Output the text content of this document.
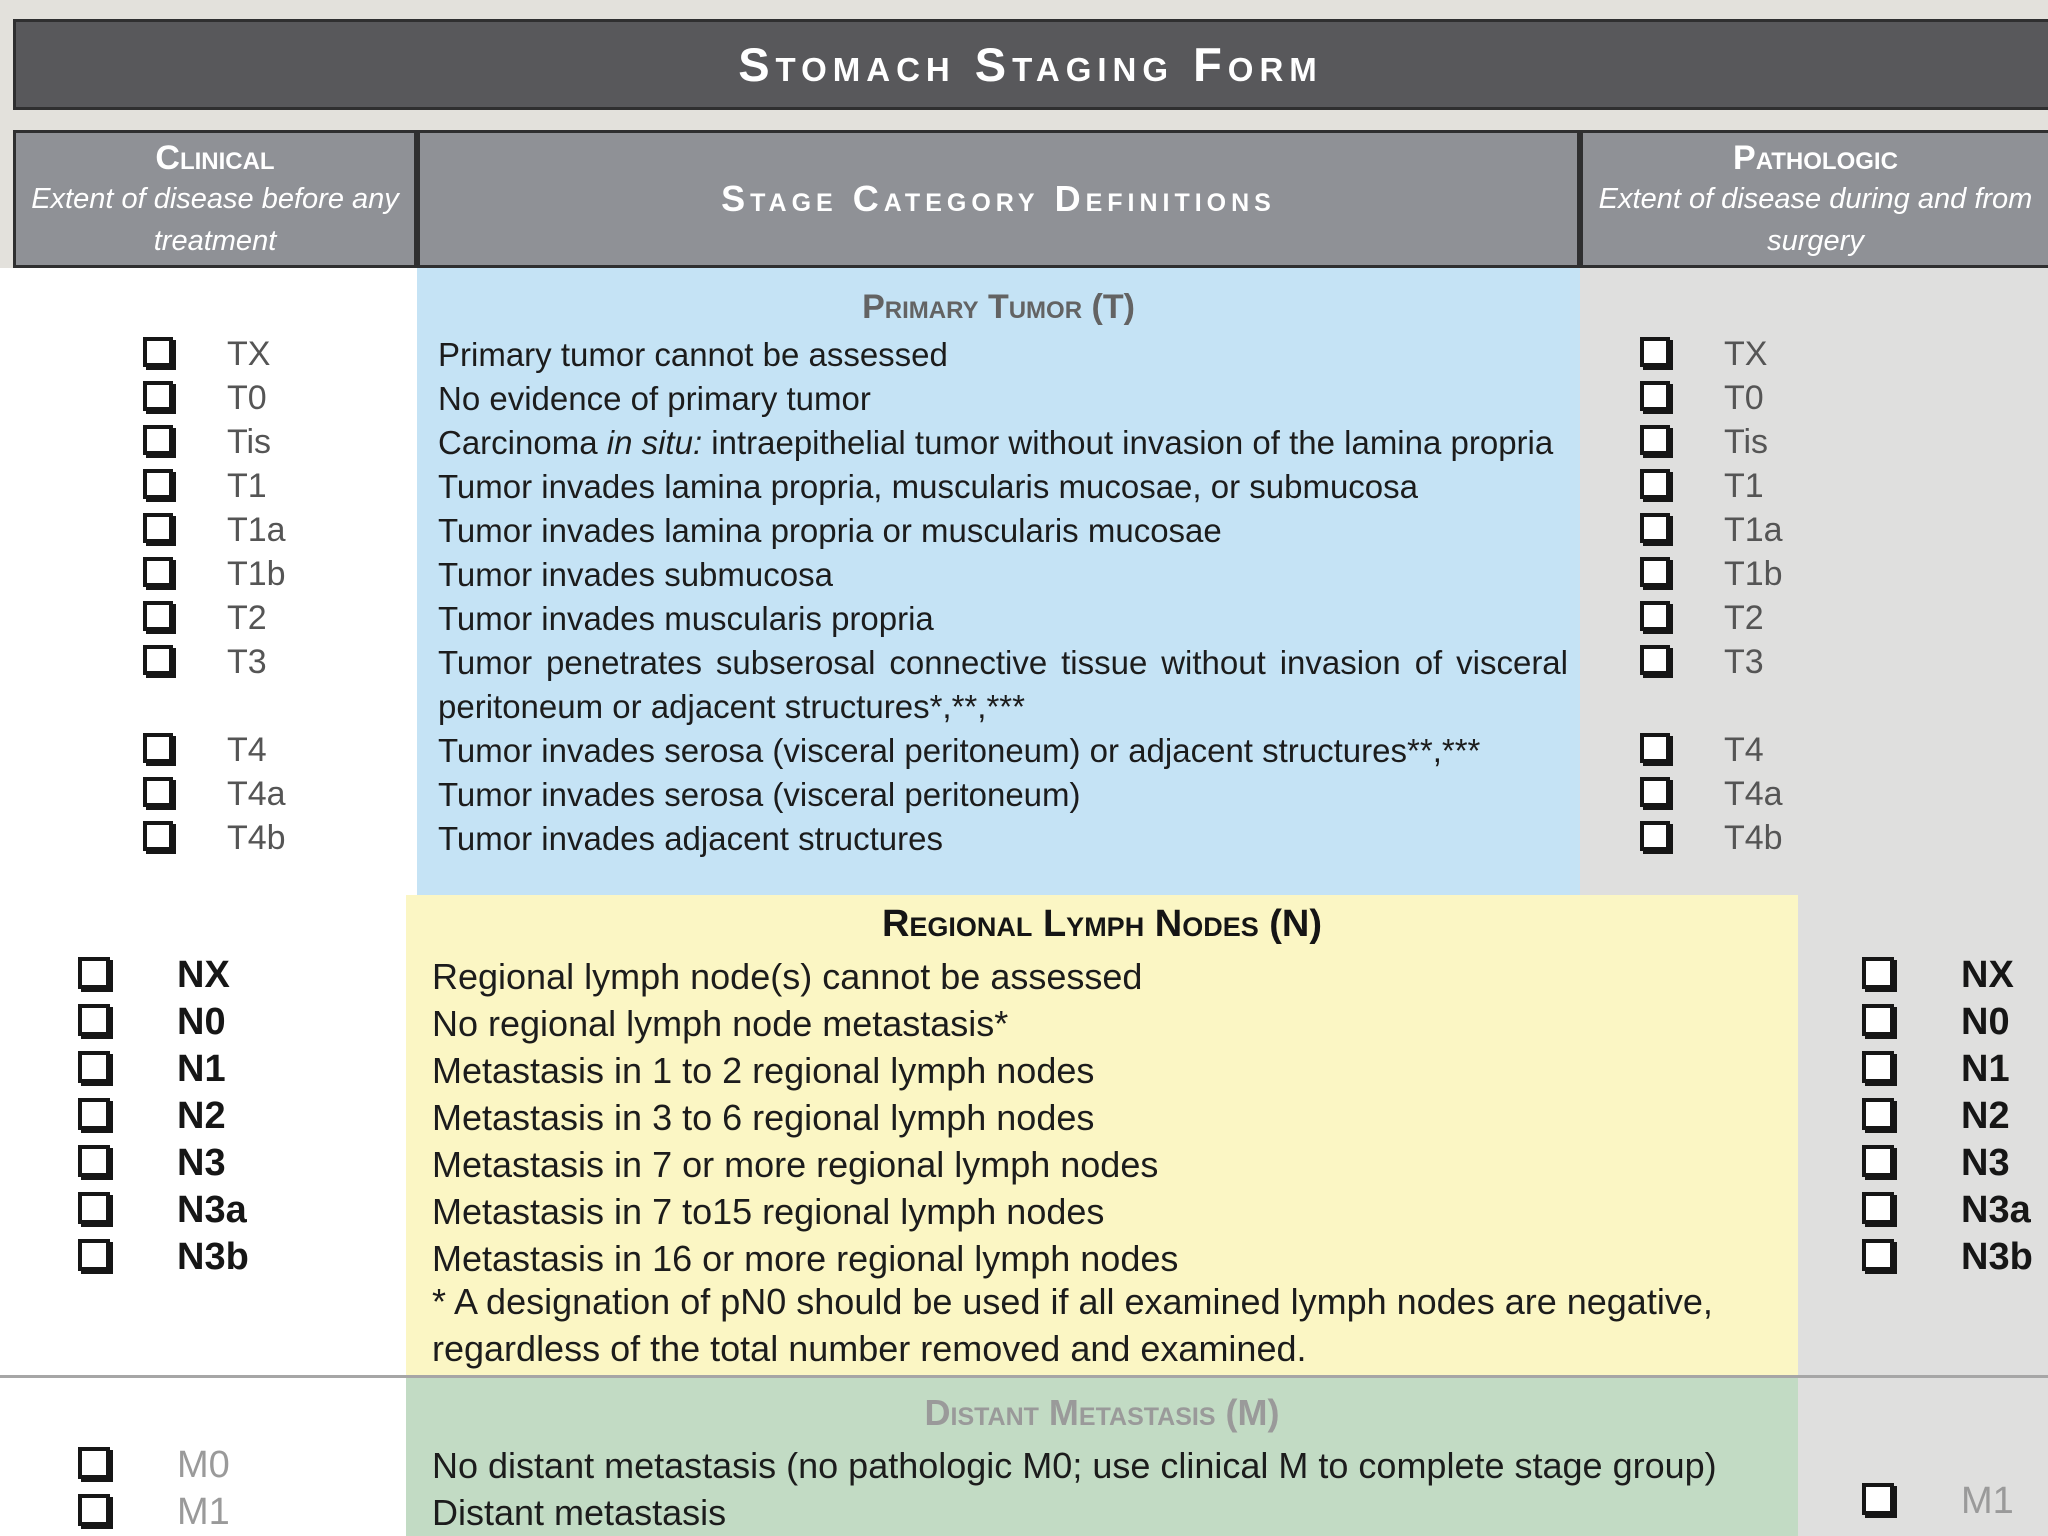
Stomach Staging Form
Clinical
Extent of disease before any treatment
Stage Category Definitions
Pathologic
Extent of disease during and from surgery
Primary Tumor (T)
Regional Lymph Nodes (N)
Distant Metastasis (M)
Primary tumor cannot be assessed
No evidence of primary tumor
Carcinoma in situ: intraepithelial tumor without invasion of the lamina propria
Tumor invades lamina propria, muscularis mucosae, or submucosa
Tumor invades lamina propria or muscularis mucosae
Tumor invades submucosa
Tumor invades muscularis propria
Tumor penetrates subserosal connective tissue without invasion of visceral peritoneum or adjacent structures*,**,***
Tumor invades serosa (visceral peritoneum) or adjacent structures**,***
Tumor invades serosa (visceral peritoneum)
Tumor invades adjacent structures
Regional lymph node(s) cannot be assessed
No regional lymph node metastasis*
Metastasis in 1 to 2 regional lymph nodes
Metastasis in 3 to 6 regional lymph nodes
Metastasis in 7 or more regional lymph nodes
Metastasis in 7 to15 regional lymph nodes
Metastasis in 16 or more regional lymph nodes
* A designation of pN0 should be used if all examined lymph nodes are negative, regardless of the total number removed and examined.
No distant metastasis (no pathologic M0; use clinical M to complete stage group)
Distant metastasis
TX
T0
Tis
T1
T1a
T1b
T2
T3
T4
T4a
T4b
TX
T0
Tis
T1
T1a
T1b
T2
T3
T4
T4a
T4b
NX
N0
N1
N2
N3
N3a
N3b
NX
N0
N1
N2
N3
N3a
N3b
M0
M1	M1
